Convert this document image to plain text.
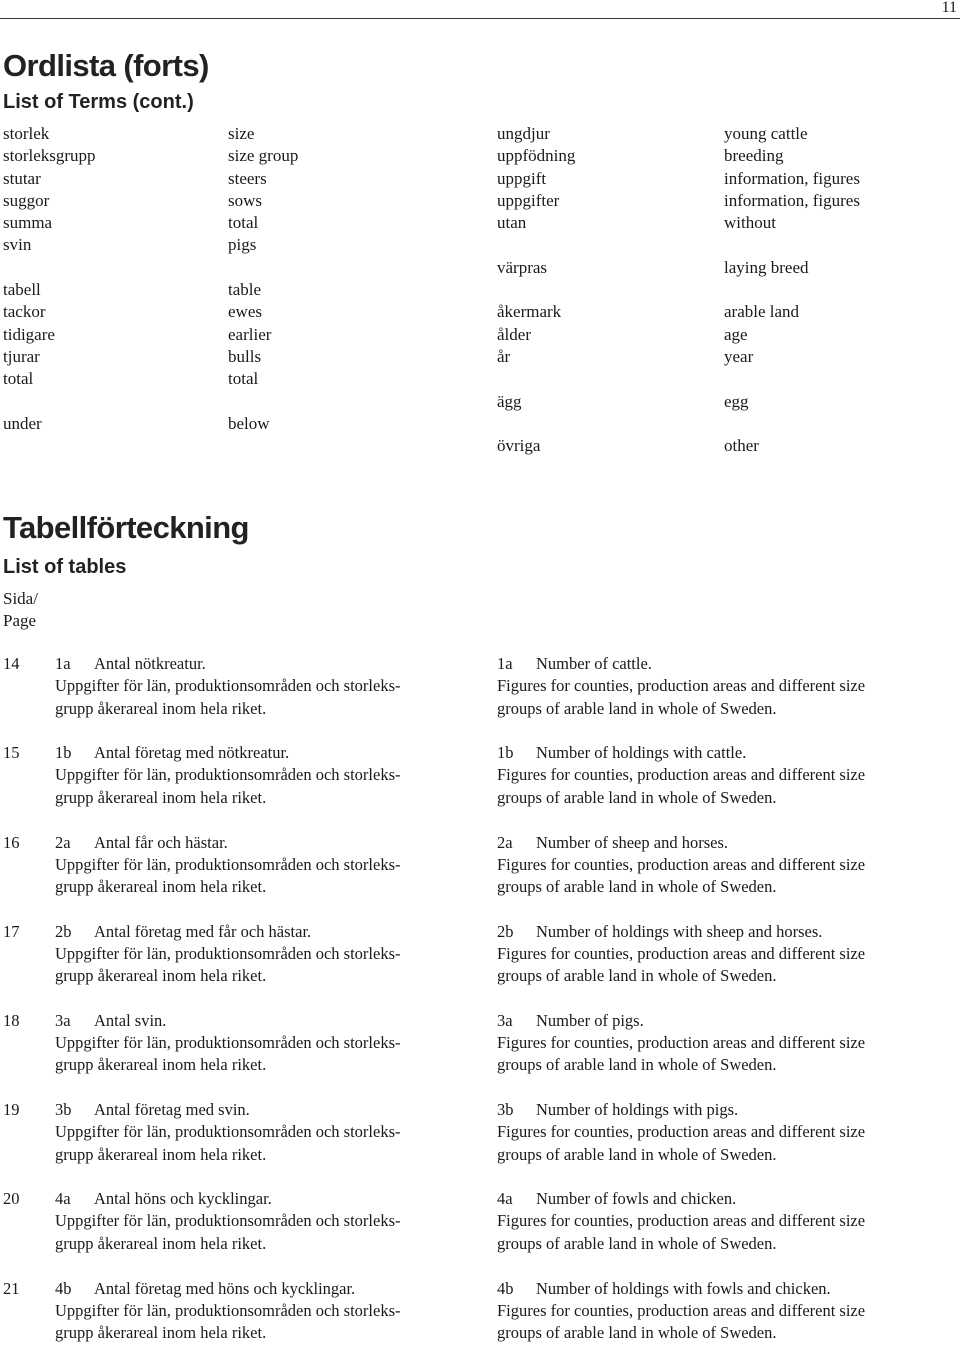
11
Ordlista (forts)
List of Terms (cont.)
storlek
storleksgrupp
stutar
suggor
summa
svin
tabell
tackor
tidigare
tjurar
total
under
size
size group
steers
sows
total
pigs
table
ewes
earlier
bulls
total
below
ungdjur
uppfödning
uppgift
uppgifter
utan
värpras
åkermark
ålder
år
ägg
övriga
young cattle
breeding
information, figures
information, figures
without
laying breed
arable land
age
year
egg
other
Tabellförteckning
List of tables
Sida/
Page
14 1a Antal nötkreatur.
Uppgifter för län, produktionsområden och storleks-
grupp åkerareal inom hela riket.
1a Number of cattle.
Figures for counties, production areas and different size
groups of arable land in whole of Sweden.
15 1b Antal företag med nötkreatur.
Uppgifter för län, produktionsområden och storleks-
grupp åkerareal inom hela riket.
1b Number of holdings with cattle.
Figures for counties, production areas and different size
groups of arable land in whole of Sweden.
16 2a Antal får och hästar.
Uppgifter för län, produktionsområden och storleks-
grupp åkerareal inom hela riket.
2a Number of sheep and horses.
Figures for counties, production areas and different size
groups of arable land in whole of Sweden.
17 2b Antal företag med får och hästar.
Uppgifter för län, produktionsområden och storleks-
grupp åkerareal inom hela riket.
2b Number of holdings with sheep and horses.
Figures for counties, production areas and different size
groups of arable land in whole of Sweden.
18 3a Antal svin.
Uppgifter för län, produktionsområden och storleks-
grupp åkerareal inom hela riket.
3a Number of pigs.
Figures for counties, production areas and different size
groups of arable land in whole of Sweden.
19 3b Antal företag med svin.
Uppgifter för län, produktionsområden och storleks-
grupp åkerareal inom hela riket.
3b Number of holdings with pigs.
Figures for counties, production areas and different size
groups of arable land in whole of Sweden.
20 4a Antal höns och kycklingar.
Uppgifter för län, produktionsområden och storleks-
grupp åkerareal inom hela riket.
4a Number of fowls and chicken.
Figures for counties, production areas and different size
groups of arable land in whole of Sweden.
21 4b Antal företag med höns och kycklingar.
Uppgifter för län, produktionsområden och storleks-
grupp åkerareal inom hela riket.
4b Number of holdings with fowls and chicken.
Figures for counties, production areas and different size
groups of arable land in whole of Sweden.
